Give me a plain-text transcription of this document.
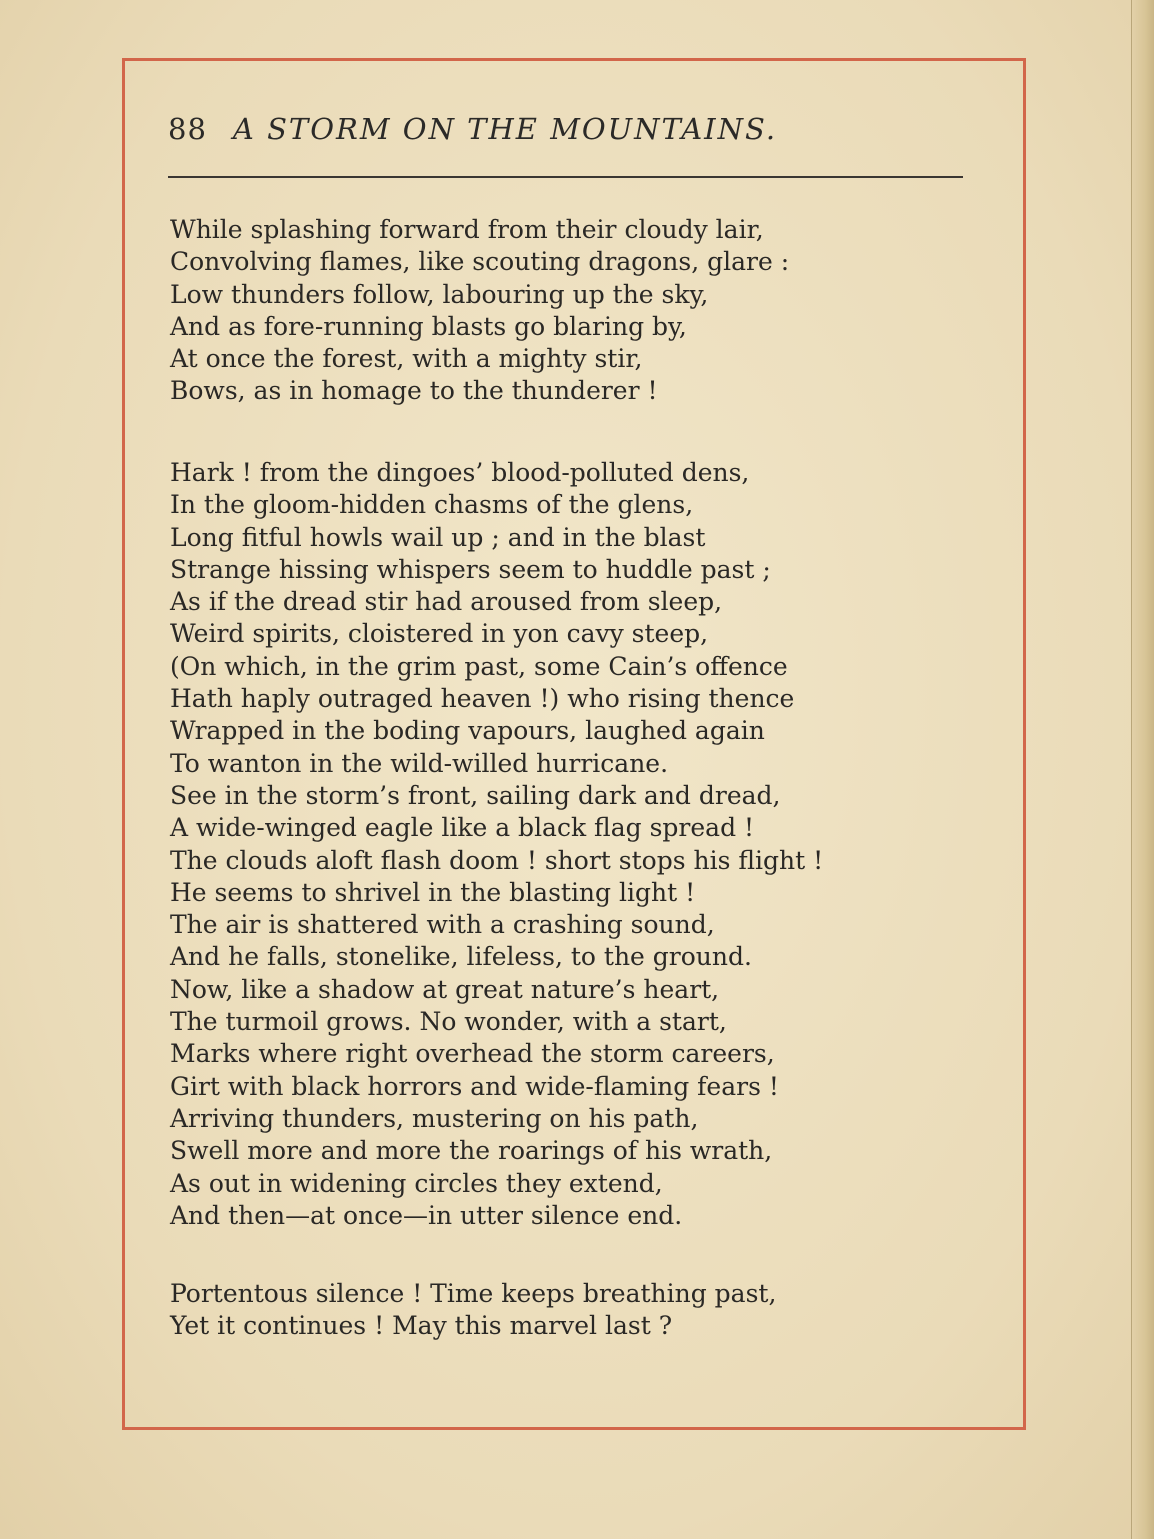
88 A STORM ON THE MOUNTAINS.
While splashing forward from their cloudy lair,
Convolving flames, like scouting dragons, glare :
Low thunders follow, labouring up the sky,
And as fore-running blasts go blaring by,
At once the forest, with a mighty stir,
Bows, as in homage to the thunderer !
Hark ! from the dingoes’ blood-polluted dens,
In the gloom-hidden chasms of the glens,
Long fitful howls wail up ; and in the blast
Strange hissing whispers seem to huddle past ;
As if the dread stir had aroused from sleep,
Weird spirits, cloistered in yon cavy steep,
(On which, in the grim past, some Cain’s offence
Hath haply outraged heaven !) who rising thence
Wrapped in the boding vapours, laughed again
To wanton in the wild-willed hurricane.
See in the storm’s front, sailing dark and dread,
A wide-winged eagle like a black flag spread !
The clouds aloft flash doom ! short stops his flight !
He seems to shrivel in the blasting light !
The air is shattered with a crashing sound,
And he falls, stonelike, lifeless, to the ground.
Now, like a shadow at great nature’s heart,
The turmoil grows. No wonder, with a start,
Marks where right overhead the storm careers,
Girt with black horrors and wide-flaming fears !
Arriving thunders, mustering on his path,
Swell more and more the roarings of his wrath,
As out in widening circles they extend,
And then—at once—in utter silence end.
Portentous silence ! Time keeps breathing past,
Yet it continues ! May this marvel last ?
